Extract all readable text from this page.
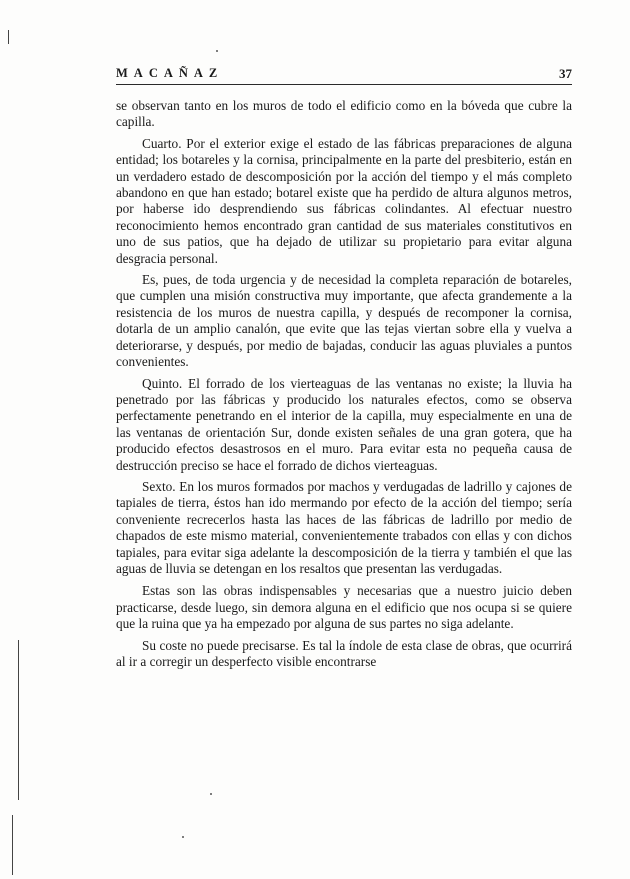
MACAÑAZ	37

se observan tanto en los muros de todo el edificio como en la bóveda que cubre la capilla.

Cuarto. Por el exterior exige el estado de las fábricas preparaciones de alguna entidad; los botareles y la cornisa, principalmente en la parte del presbiterio, están en un verdadero estado de descomposición por la acción del tiempo y el más completo abandono en que han estado; botarel existe que ha perdido de altura algunos metros, por haberse ido desprendiendo sus fábricas colindantes. Al efectuar nuestro reconocimiento hemos encontrado gran cantidad de sus materiales constitutivos en uno de sus patios, que ha dejado de utilizar su propietario para evitar alguna desgracia personal.

Es, pues, de toda urgencia y de necesidad la completa reparación de botareles, que cumplen una misión constructiva muy importante, que afecta grandemente a la resistencia de los muros de nuestra capilla, y después de recomponer la cornisa, dotarla de un amplio canalón, que evite que las tejas viertan sobre ella y vuelva a deteriorarse, y después, por medio de bajadas, conducir las aguas pluviales a puntos convenientes.

Quinto. El forrado de los vierteaguas de las ventanas no existe; la lluvia ha penetrado por las fábricas y producido los naturales efectos, como se observa perfectamente penetrando en el interior de la capilla, muy especialmente en una de las ventanas de orientación Sur, donde existen señales de una gran gotera, que ha producido efectos desastrosos en el muro. Para evitar esta no pequeña causa de destrucción preciso se hace el forrado de dichos vierteaguas.

Sexto. En los muros formados por machos y verdugadas de ladrillo y cajones de tapiales de tierra, éstos han ido mermando por efecto de la acción del tiempo; sería conveniente recrecerlos hasta las haces de las fábricas de ladrillo por medio de chapados de este mismo material, convenientemente trabados con ellas y con dichos tapiales, para evitar siga adelante la descomposición de la tierra y también el que las aguas de lluvia se detengan en los resaltos que presentan las verdugadas.

Estas son las obras indispensables y necesarias que a nuestro juicio deben practicarse, desde luego, sin demora alguna en el edificio que nos ocupa si se quiere que la ruina que ya ha empezado por alguna de sus partes no siga adelante.

Su coste no puede precisarse. Es tal la índole de esta clase de obras, que ocurrirá al ir a corregir un desperfecto visible encontrarse
